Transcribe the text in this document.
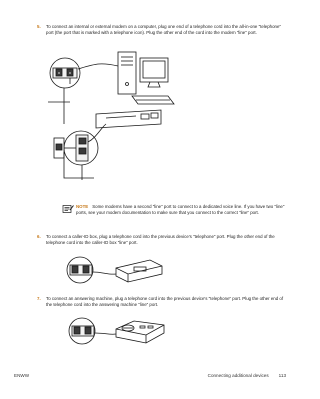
5. To connect an internal or external modem on a computer, plug one end of a telephone cord into the all-in-one "telephone" port (the port that is marked with a telephone icon). Plug the other end of the cord into the modem "line" port.
NOTE Some modems have a second "line" port to connect to a dedicated voice line. If you have two "line" ports, see your modem documentation to make sure that you connect to the correct "line" port.
6. To connect a caller-ID box, plug a telephone cord into the previous device's "telephone" port. Plug the other end of the telephone cord into the caller-ID box "line" port.
7. To connect an answering machine, plug a telephone cord into the previous device's "telephone" port. Plug the other end of the telephone cord into the answering machine "line" port.
ENWW	Connecting additional devices 113
